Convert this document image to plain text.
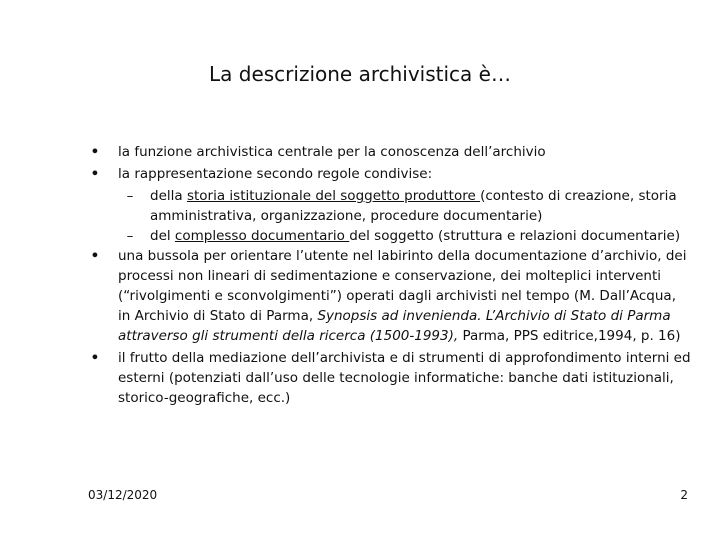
La descrizione archivistica è…
• la funzione archivistica centrale per la conoscenza dell’archivio
• la rappresentazione secondo regole condivise:
– della storia istituzionale del soggetto produttore (contesto di creazione, storia amministrativa, organizzazione, procedure documentarie)
– del complesso documentario del soggetto (struttura e relazioni documentarie)
• una bussola per orientare l’utente nel labirinto della documentazione d’archivio, dei processi non lineari di sedimentazione e conservazione, dei molteplici interventi (“rivolgimenti e sconvolgimenti”) operati dagli archivisti nel tempo (M. Dall’Acqua, in Archivio di Stato di Parma, Synopsis ad invenienda. L’Archivio di Stato di Parma attraverso gli strumenti della ricerca (1500-1993), Parma, PPS editrice,1994, p. 16)
• il frutto della mediazione dell’archivista e di strumenti di approfondimento interni ed esterni (potenziati dall’uso delle tecnologie informatiche: banche dati istituzionali, storico-geografiche, ecc.)
03/12/2020	2
